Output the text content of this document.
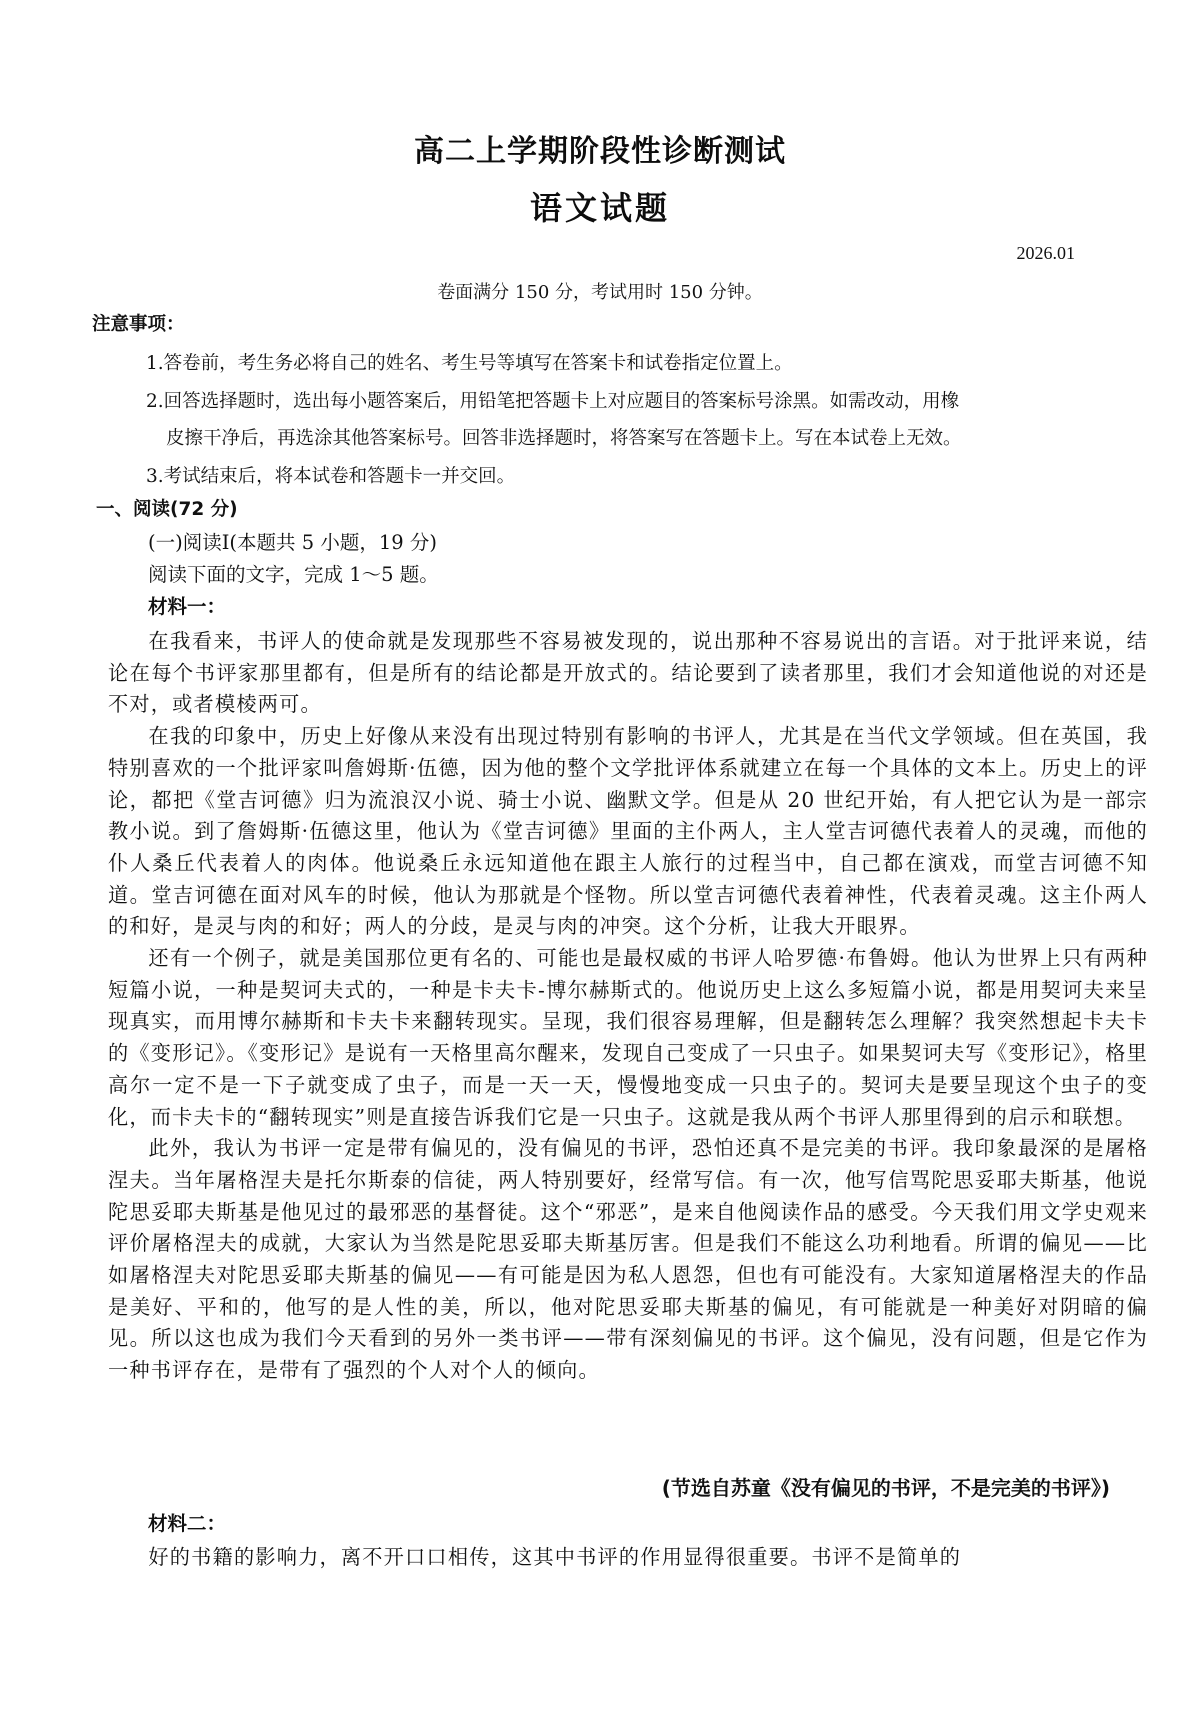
高二上学期阶段性诊断测试
语文试题
2026.01
卷面满分 150 分，考试用时 150 分钟。
注意事项：
1.答卷前，考生务必将自己的姓名、考生号等填写在答案卡和试卷指定位置上。
2.回答选择题时，选出每小题答案后，用铅笔把答题卡上对应题目的答案标号涂黑。如需改动，用橡
皮擦干净后，再选涂其他答案标号。回答非选择题时，将答案写在答题卡上。写在本试卷上无效。
3.考试结束后，将本试卷和答题卡一并交回。
一、阅读(72 分)
(一)阅读Ⅰ(本题共 5 小题，19 分)
阅读下面的文字，完成 1～5 题。
材料一：

在我看来，书评人的使命就是发现那些不容易被发现的，说出那种不容易说出的言语。对于批评来说，结论在每个书评家那里都有，但是所有的结论都是开放式的。结论要到了读者那里，我们才会知道他说的对还是不对，或者模棱两可。

在我的印象中，历史上好像从来没有出现过特别有影响的书评人，尤其是在当代文学领域。但在英国，我特别喜欢的一个批评家叫詹姆斯·伍德，因为他的整个文学批评体系就建立在每一个具体的文本上。历史上的评论，都把《堂吉诃德》归为流浪汉小说、骑士小说、幽默文学。但是从 20 世纪开始，有人把它认为是一部宗教小说。到了詹姆斯·伍德这里，他认为《堂吉诃德》里面的主仆两人，主人堂吉诃德代表着人的灵魂，而他的仆人桑丘代表着人的肉体。他说桑丘永远知道他在跟主人旅行的过程当中，自己都在演戏，而堂吉诃德不知道。堂吉诃德在面对风车的时候，他认为那就是个怪物。所以堂吉诃德代表着神性，代表着灵魂。这主仆两人的和好，是灵与肉的和好；两人的分歧，是灵与肉的冲突。这个分析，让我大开眼界。

还有一个例子，就是美国那位更有名的、可能也是最权威的书评人哈罗德·布鲁姆。他认为世界上只有两种短篇小说，一种是契诃夫式的，一种是卡夫卡-博尔赫斯式的。他说历史上这么多短篇小说，都是用契诃夫来呈现真实，而用博尔赫斯和卡夫卡来翻转现实。呈现，我们很容易理解，但是翻转怎么理解？我突然想起卡夫卡的《变形记》。《变形记》是说有一天格里高尔醒来，发现自己变成了一只虫子。如果契诃夫写《变形记》，格里高尔一定不是一下子就变成了虫子，而是一天一天，慢慢地变成一只虫子的。契诃夫是要呈现这个虫子的变化，而卡夫卡的“翻转现实”则是直接告诉我们它是一只虫子。这就是我从两个书评人那里得到的启示和联想。

此外，我认为书评一定是带有偏见的，没有偏见的书评，恐怕还真不是完美的书评。我印象最深的是屠格涅夫。当年屠格涅夫是托尔斯泰的信徒，两人特别要好，经常写信。有一次，他写信骂陀思妥耶夫斯基，他说陀思妥耶夫斯基是他见过的最邪恶的基督徒。这个“邪恶”，是来自他阅读作品的感受。今天我们用文学史观来评价屠格涅夫的成就，大家认为当然是陀思妥耶夫斯基厉害。但是我们不能这么功利地看。所谓的偏见——比如屠格涅夫对陀思妥耶夫斯基的偏见——有可能是因为私人恩怨，但也有可能没有。大家知道屠格涅夫的作品是美好、平和的，他写的是人性的美，所以，他对陀思妥耶夫斯基的偏见，有可能就是一种美好对阴暗的偏见。所以这也成为我们今天看到的另外一类书评——带有深刻偏见的书评。这个偏见，没有问题，但是它作为一种书评存在，是带有了强烈的个人对个人的倾向。

(节选自苏童《没有偏见的书评，不是完美的书评》)
材料二：

好的书籍的影响力，离不开口口相传，这其中书评的作用显得很重要。书评不是简单的
